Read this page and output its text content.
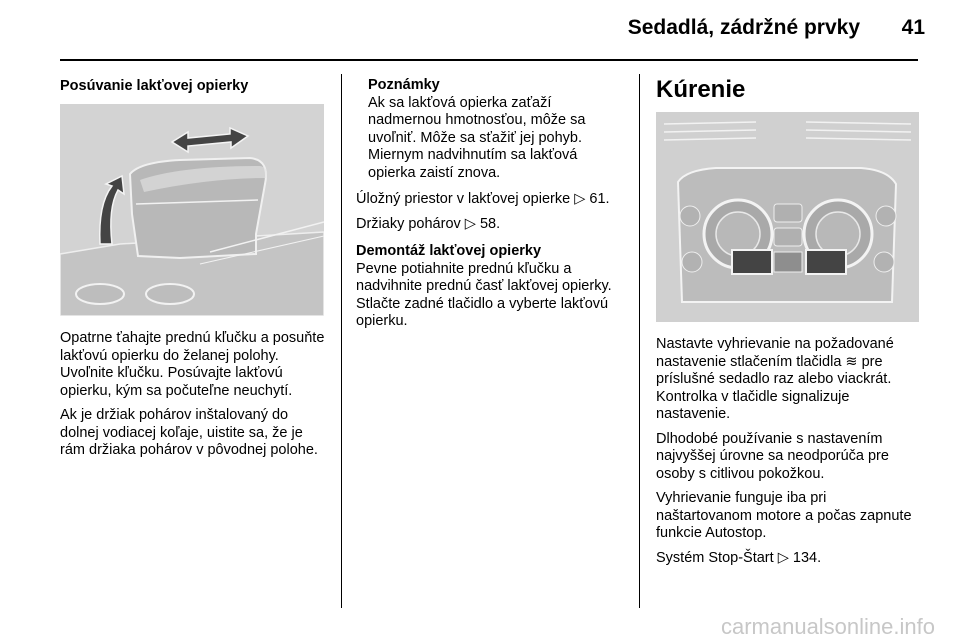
Sedadlá, zádržné prvky	41
Posúvanie lakťovej opierky

Opatrne ťahajte prednú kľučku a posuňte lakťovú opierku do želanej polohy. Uvoľnite kľučku. Posúvajte lakťovú opierku, kým sa počuteľne neuchytí.

Ak je držiak pohárov inštalovaný do dolnej vodiacej koľaje, uistite sa, že je rám držiaka pohárov v pôvodnej polohe.

Poznámky
Ak sa lakťová opierka zaťaží nadmernou hmotnosťou, môže sa uvoľniť. Môže sa sťažiť jej pohyb. Miernym nadvihnutím sa lakťová opierka zaistí znova.

Úložný priestor v lakťovej opierke ▷ 61.

Držiaky pohárov ▷ 58.

Demontáž lakťovej opierky

Pevne potiahnite prednú kľučku a nadvihnite prednú časť lakťovej opierky. Stlačte zadné tlačidlo a vyberte lakťovú opierku.

Kúrenie

Nastavte vyhrievanie na požadované nastavenie stlačením tlačidla ≋ pre príslušné sedadlo raz alebo viackrát. Kontrolka v tlačidle signalizuje nastavenie.

Dlhodobé používanie s nastavením najvyššej úrovne sa neodporúča pre osoby s citlivou pokožkou.

Vyhrievanie funguje iba pri naštartovanom motore a počas zapnute funkcie Autostop.

Systém Stop-Štart ▷ 134.

carmanualsonline.info
